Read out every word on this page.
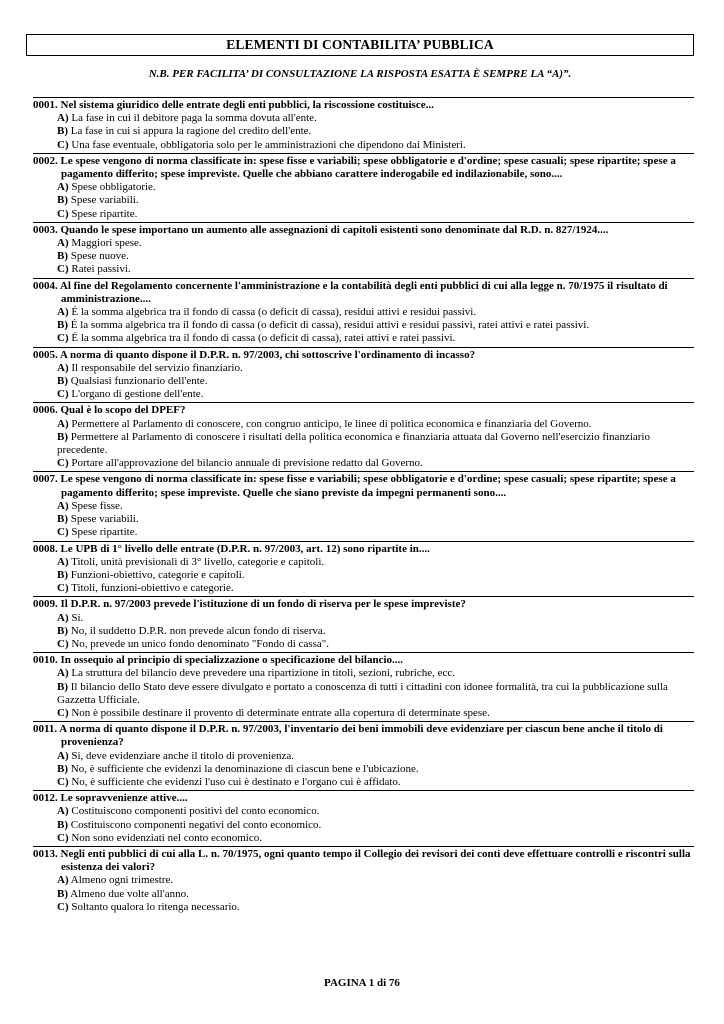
ELEMENTI DI CONTABILITA’ PUBBLICA
N.B. PER FACILITA’ DI CONSULTAZIONE LA RISPOSTA ESATTA È SEMPRE LA “A)”.
0001. Nel sistema giuridico delle entrate degli enti pubblici, la riscossione costituisce...
A) La fase in cui il debitore paga la somma dovuta all'ente.
B) La fase in cui si appura la ragione del credito dell'ente.
C) Una fase eventuale, obbligatoria solo per le amministrazioni che dipendono dai Ministeri.
0002. Le spese vengono di norma classificate in: spese fisse e variabili; spese obbligatorie e d'ordine; spese casuali; spese ripartite; spese a pagamento differito; spese impreviste. Quelle che abbiano carattere inderogabile ed indilazionabile, sono....
A) Spese obbligatorie.
B) Spese variabili.
C) Spese ripartite.
0003. Quando le spese importano un aumento alle assegnazioni di capitoli esistenti sono denominate dal R.D. n. 827/1924....
A) Maggiori spese.
B) Spese nuove.
C) Ratei passivi.
0004. Al fine del Regolamento concernente l'amministrazione e la contabilità degli enti pubblici di cui alla legge n. 70/1975 il risultato di amministrazione....
A) É la somma algebrica tra il fondo di cassa (o deficit di cassa), residui attivi e residui passivi.
B) É la somma algebrica tra il fondo di cassa (o deficit di cassa), residui attivi e residui passivi, ratei attivi e ratei passivi.
C) É la somma algebrica tra il fondo di cassa (o deficit di cassa), ratei attivi e ratei passivi.
0005. A norma di quanto dispone il D.P.R. n. 97/2003, chi sottoscrive l'ordinamento di incasso?
A) Il responsabile del servizio finanziario.
B) Qualsiasi funzionario dell'ente.
C) L'organo di gestione dell'ente.
0006. Qual è lo scopo del DPEF?
A) Permettere al Parlamento di conoscere, con congruo anticipo, le linee di politica economica e finanziaria del Governo.
B) Permettere al Parlamento di conoscere i risultati della politica economica e finanziaria attuata dal Governo nell'esercizio finanziario precedente.
C) Portare all'approvazione del bilancio annuale di previsione redatto dal Governo.
0007. Le spese vengono di norma classificate in: spese fisse e variabili; spese obbligatorie e d'ordine; spese casuali; spese ripartite; spese a pagamento differito; spese impreviste. Quelle che siano previste da impegni permanenti sono....
A) Spese fisse.
B) Spese variabili.
C) Spese ripartite.
0008. Le UPB di 1° livello delle entrate (D.P.R. n. 97/2003, art. 12) sono ripartite in....
A) Titoli, unità previsionali di 3° livello, categorie e capitoli.
B) Funzioni-obiettivo, categorie e capitoli.
C) Titoli, funzioni-obiettivo e categorie.
0009. Il D.P.R. n. 97/2003 prevede l'istituzione di un fondo di riserva per le spese impreviste?
A) Si.
B) No, il suddetto D.P.R. non prevede alcun fondo di riserva.
C) No, prevede un unico fondo denominato "Fondo di cassa".
0010. In ossequio al principio di specializzazione o specificazione del bilancio....
A) La struttura del bilancio deve prevedere una ripartizione in titoli, sezioni, rubriche, ecc.
B) Il bilancio dello Stato deve essere divulgato e portato a conoscenza di tutti i cittadini con idonee formalità, tra cui la pubblicazione sulla Gazzetta Ufficiale.
C) Non è possibile destinare il provento di determinate entrate alla copertura di determinate spese.
0011. A norma di quanto dispone il D.P.R. n. 97/2003, l'inventario dei beni immobili deve evidenziare per ciascun bene anche il titolo di provenienza?
A) Si, deve evidenziare anche il titolo di provenienza.
B) No, è sufficiente che evidenzi la denominazione di ciascun bene e l'ubicazione.
C) No, è sufficiente che evidenzi l'uso cui è destinato e l'organo cui è affidato.
0012. Le sopravvenienze attive....
A) Costituiscono componenti positivi del conto economico.
B) Costituiscono componenti negativi del conto economico.
C) Non sono evidenziati nel conto economico.
0013. Negli enti pubblici di cui alla L. n. 70/1975, ogni quanto tempo il Collegio dei revisori dei conti deve effettuare controlli e riscontri sulla esistenza dei valori?
A) Almeno ogni trimestre.
B) Almeno due volte all'anno.
C) Soltanto qualora lo ritenga necessario.
PAGINA 1 di 76
